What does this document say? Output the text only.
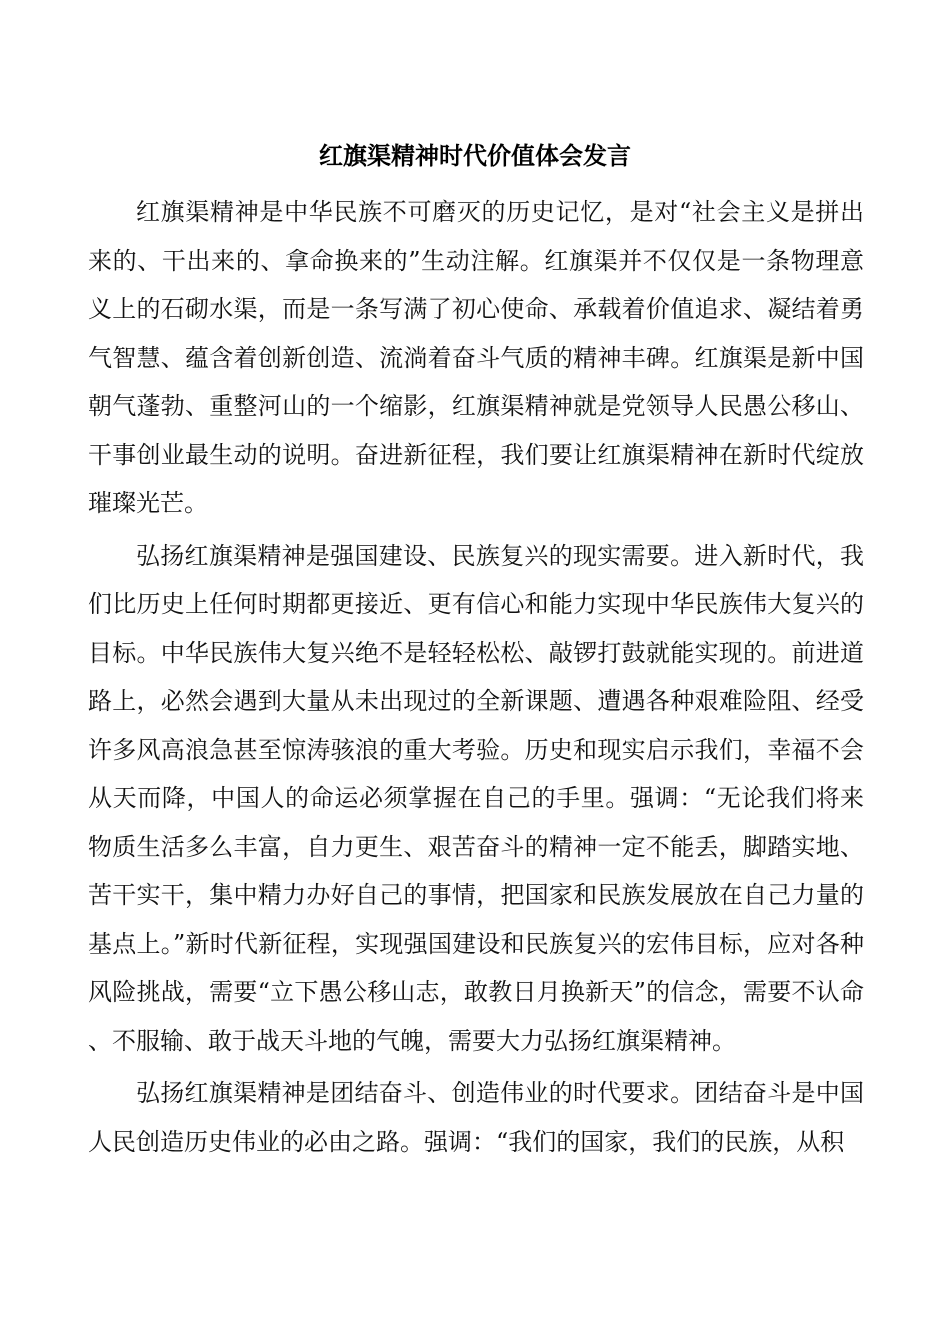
红旗渠精神时代价值体会发言

红旗渠精神是中华民族不可磨灭的历史记忆，是对“社会主义是拼出来的、干出来的、拿命换来的”生动注解。红旗渠并不仅仅是一条物理意义上的石砌水渠，而是一条写满了初心使命、承载着价值追求、凝结着勇气智慧、蕴含着创新创造、流淌着奋斗气质的精神丰碑。红旗渠是新中国朝气蓬勃、重整河山的一个缩影，红旗渠精神就是党领导人民愚公移山、干事创业最生动的说明。奋进新征程，我们要让红旗渠精神在新时代绽放璀璨光芒。

弘扬红旗渠精神是强国建设、民族复兴的现实需要。进入新时代，我们比历史上任何时期都更接近、更有信心和能力实现中华民族伟大复兴的目标。中华民族伟大复兴绝不是轻轻松松、敲锣打鼓就能实现的。前进道路上，必然会遇到大量从未出现过的全新课题、遭遇各种艰难险阻、经受许多风高浪急甚至惊涛骇浪的重大考验。历史和现实启示我们，幸福不会从天而降，中国人的命运必须掌握在自己的手里。强调：“无论我们将来物质生活多么丰富，自力更生、艰苦奋斗的精神一定不能丢，脚踏实地、苦干实干，集中精力办好自己的事情，把国家和民族发展放在自己力量的基点上。”新时代新征程，实现强国建设和民族复兴的宏伟目标，应对各种风险挑战，需要“立下愚公移山志，敢教日月换新天”的信念，需要不认命、不服输、敢于战天斗地的气魄，需要大力弘扬红旗渠精神。

弘扬红旗渠精神是团结奋斗、创造伟业的时代要求。团结奋斗是中国人民创造历史伟业的必由之路。强调：“我们的国家，我们的民族，从积
